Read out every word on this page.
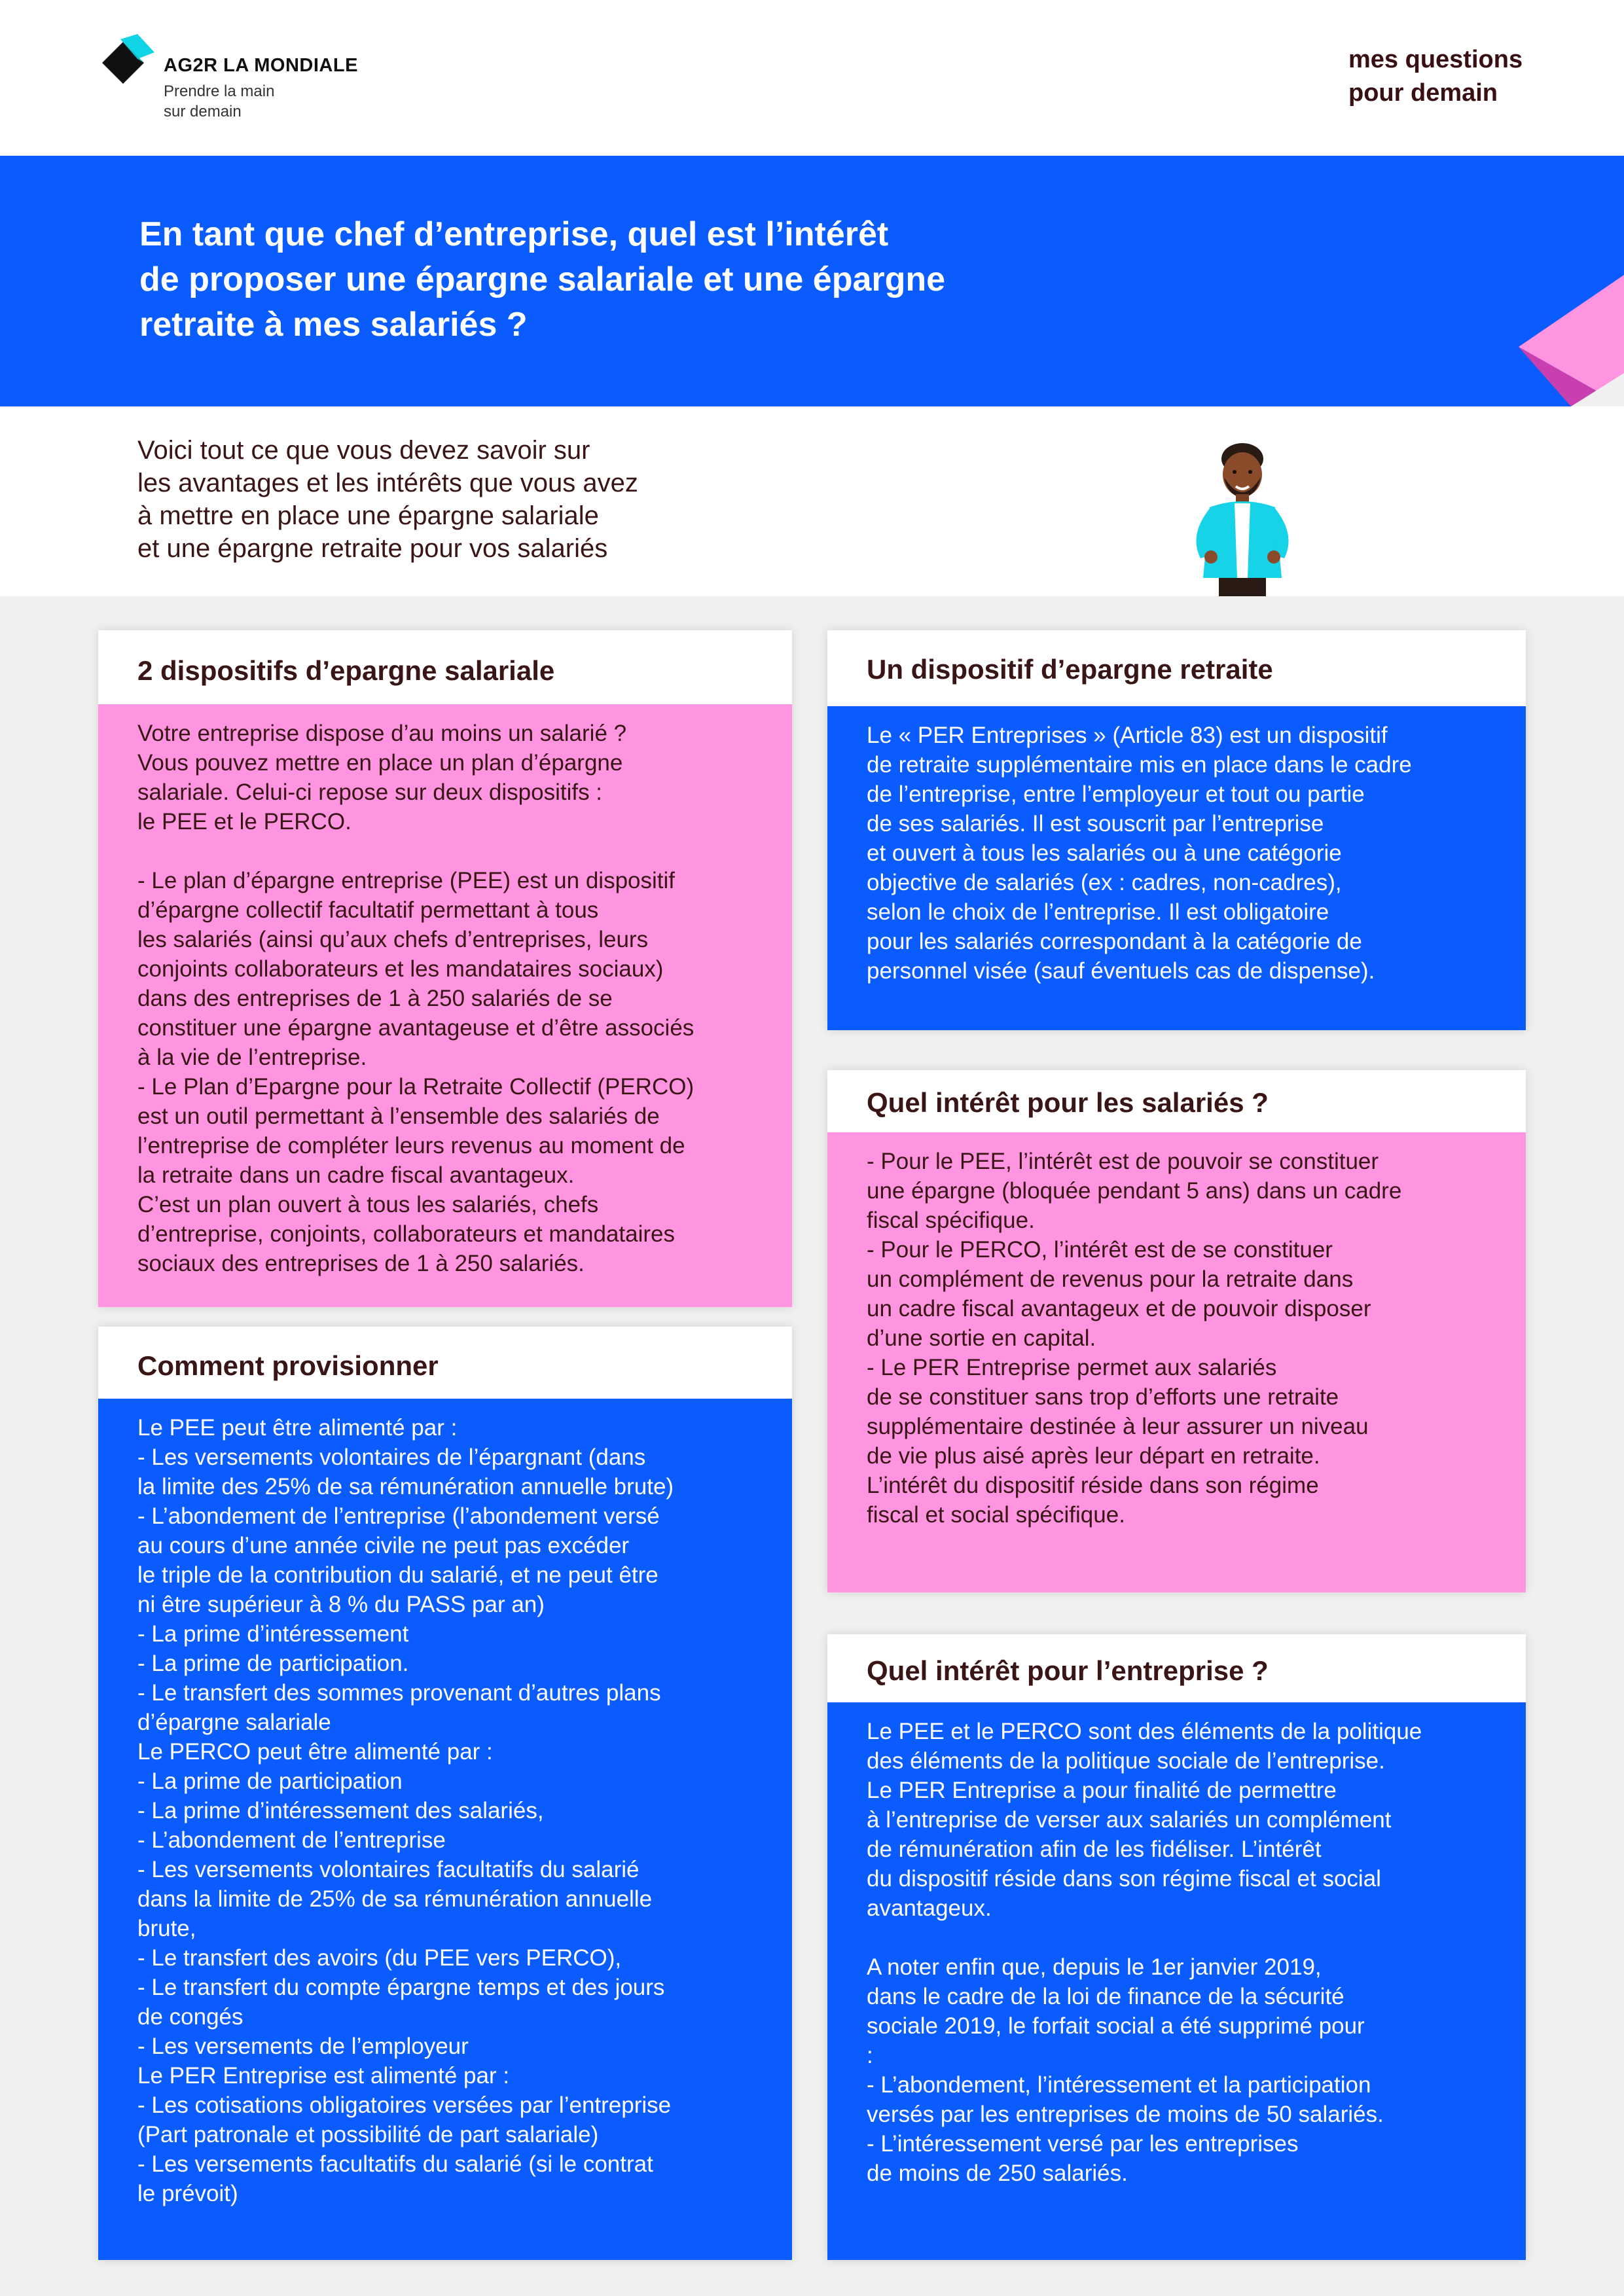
AG2R LA MONDIALE
Prendre la main
sur demain
mes questions
pour demain
En tant que chef d’entreprise, quel est l’intérêt
de proposer une épargne salariale et une épargne
retraite à mes salariés ?

Voici tout ce que vous devez savoir sur
les avantages et les intérêts que vous avez
à mettre en place une épargne salariale
et une épargne retraite pour vos salariés

2 dispositifs d’epargne salariale

Votre entreprise dispose d’au moins un salarié ?
Vous pouvez mettre en place un plan d’épargne
salariale. Celui-ci repose sur deux dispositifs :
le PEE et le PERCO.

- Le plan d’épargne entreprise (PEE) est un dispositif
d’épargne collectif facultatif permettant à tous
les salariés (ainsi qu’aux chefs d’entreprises, leurs
conjoints collaborateurs et les mandataires sociaux)
dans des entreprises de 1 à 250 salariés de se
constituer une épargne avantageuse et d’être associés
à la vie de l’entreprise.
- Le Plan d’Epargne pour la Retraite Collectif (PERCO)
est un outil permettant à l’ensemble des salariés de
l’entreprise de compléter leurs revenus au moment de
la retraite dans un cadre fiscal avantageux.
C’est un plan ouvert à tous les salariés, chefs
d’entreprise, conjoints, collaborateurs et mandataires
sociaux des entreprises de 1 à 250 salariés.

Comment provisionner

Le PEE peut être alimenté par :
- Les versements volontaires de l’épargnant (dans
la limite des 25% de sa rémunération annuelle brute)
- L’abondement de l’entreprise (l’abondement versé
au cours d’une année civile ne peut pas excéder
le triple de la contribution du salarié, et ne peut être
ni être supérieur à 8 % du PASS par an)
- La prime d’intéressement
- La prime de participation.
- Le transfert des sommes provenant d’autres plans
d’épargne salariale
Le PERCO peut être alimenté par :
- La prime de participation
- La prime d’intéressement des salariés,
- L’abondement de l’entreprise
- Les versements volontaires facultatifs du salarié
dans la limite de 25% de sa rémunération annuelle
brute,
- Le transfert des avoirs (du PEE vers PERCO),
- Le transfert du compte épargne temps et des jours
de congés
- Les versements de l’employeur
Le PER Entreprise est alimenté par :
- Les cotisations obligatoires versées par l’entreprise
(Part patronale et possibilité de part salariale)
- Les versements facultatifs du salarié (si le contrat
le prévoit)

Un dispositif d’epargne retraite

Le « PER Entreprises » (Article 83) est un dispositif
de retraite supplémentaire mis en place dans le cadre
de l’entreprise, entre l’employeur et tout ou partie
de ses salariés. Il est souscrit par l’entreprise
et ouvert à tous les salariés ou à une catégorie
objective de salariés (ex : cadres, non-cadres),
selon le choix de l’entreprise. Il est obligatoire
pour les salariés correspondant à la catégorie de
personnel visée (sauf éventuels cas de dispense).

Quel intérêt pour les salariés ?

- Pour le PEE, l’intérêt est de pouvoir se constituer
une épargne (bloquée pendant 5 ans) dans un cadre
fiscal spécifique.
- Pour le PERCO, l’intérêt est de se constituer
un complément de revenus pour la retraite dans
un cadre fiscal avantageux et de pouvoir disposer
d’une sortie en capital.
- Le PER Entreprise permet aux salariés
de se constituer sans trop d’efforts une retraite
supplémentaire destinée à leur assurer un niveau
de vie plus aisé après leur départ en retraite.
L’intérêt du dispositif réside dans son régime
fiscal et social spécifique.

Quel intérêt pour l’entreprise ?

Le PEE et le PERCO sont des éléments de la politique
des éléments de la politique sociale de l’entreprise.
Le PER Entreprise a pour finalité de permettre
à l’entreprise de verser aux salariés un complément
de rémunération afin de les fidéliser. L’intérêt
du dispositif réside dans son régime fiscal et social
avantageux.

A noter enfin que, depuis le 1er janvier 2019,
dans le cadre de la loi de finance de la sécurité
sociale 2019, le forfait social a été supprimé pour
:
- L’abondement, l’intéressement et la participation
versés par les entreprises de moins de 50 salariés.
- L’intéressement versé par les entreprises
de moins de 250 salariés.
